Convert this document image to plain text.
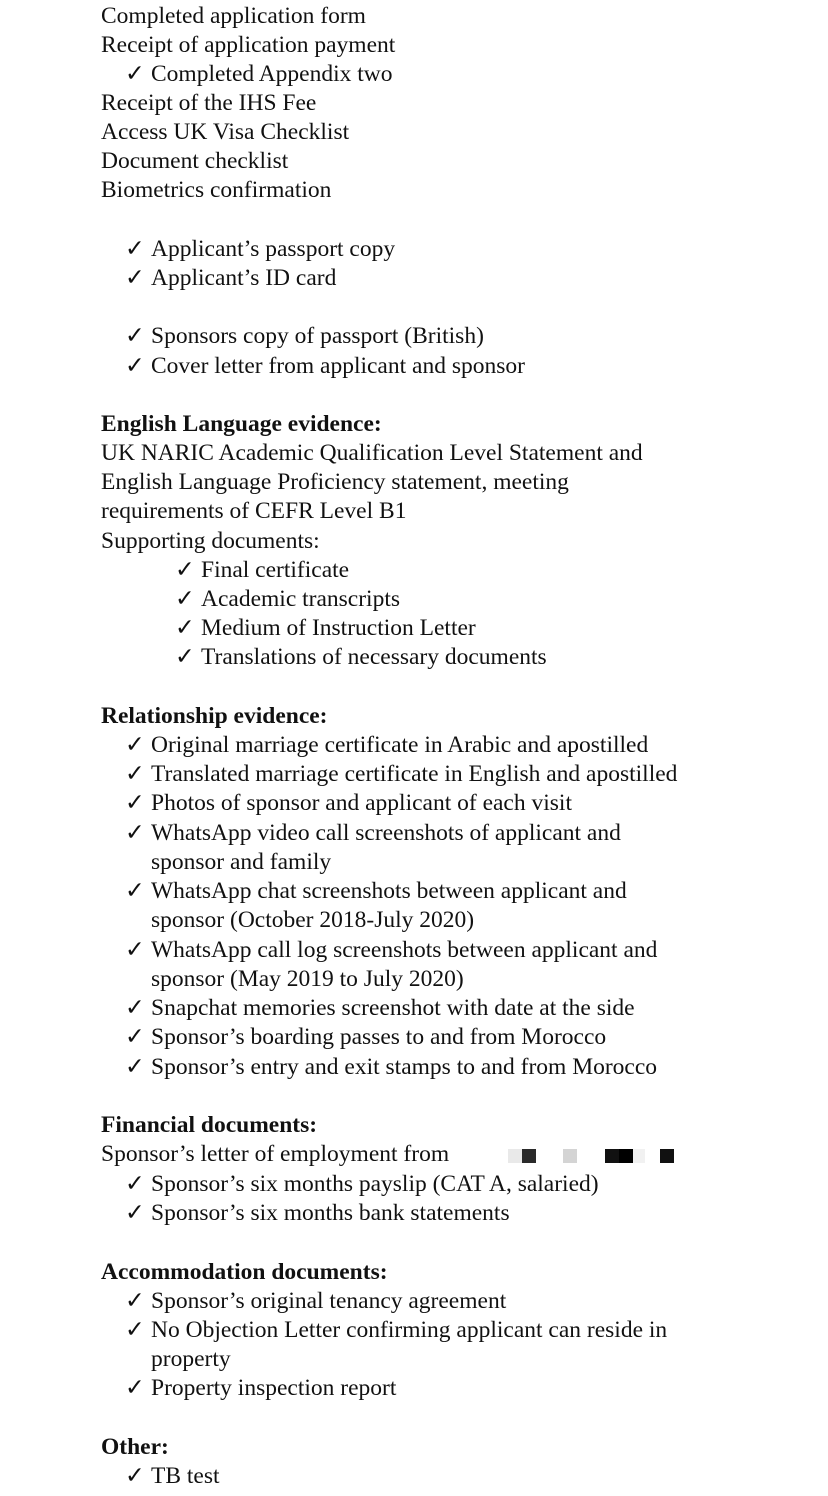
Completed application form
Receipt of application payment
✓ Completed Appendix two
Receipt of the IHS Fee
Access UK Visa Checklist
Document checklist
Biometrics confirmation
✓ Applicant’s passport copy
✓ Applicant’s ID card
✓ Sponsors copy of passport (British)
✓ Cover letter from applicant and sponsor
English Language evidence:
UK NARIC Academic Qualification Level Statement and
English Language Proficiency statement, meeting
requirements of CEFR Level B1
Supporting documents:
✓ Final certificate
✓ Academic transcripts
✓ Medium of Instruction Letter
✓ Translations of necessary documents
Relationship evidence:
✓ Original marriage certificate in Arabic and apostilled
✓ Translated marriage certificate in English and apostilled
✓ Photos of sponsor and applicant of each visit
✓ WhatsApp video call screenshots of applicant and
sponsor and family
✓ WhatsApp chat screenshots between applicant and
sponsor (October 2018-July 2020)
✓ WhatsApp call log screenshots between applicant and
sponsor (May 2019 to July 2020)
✓ Snapchat memories screenshot with date at the side
✓ Sponsor’s boarding passes to and from Morocco
✓ Sponsor’s entry and exit stamps to and from Morocco
Financial documents:
Sponsor’s letter of employment from
✓ Sponsor’s six months payslip (CAT A, salaried)
✓ Sponsor’s six months bank statements
Accommodation documents:
✓ Sponsor’s original tenancy agreement
✓ No Objection Letter confirming applicant can reside in
property
✓ Property inspection report
Other:
✓ TB test
